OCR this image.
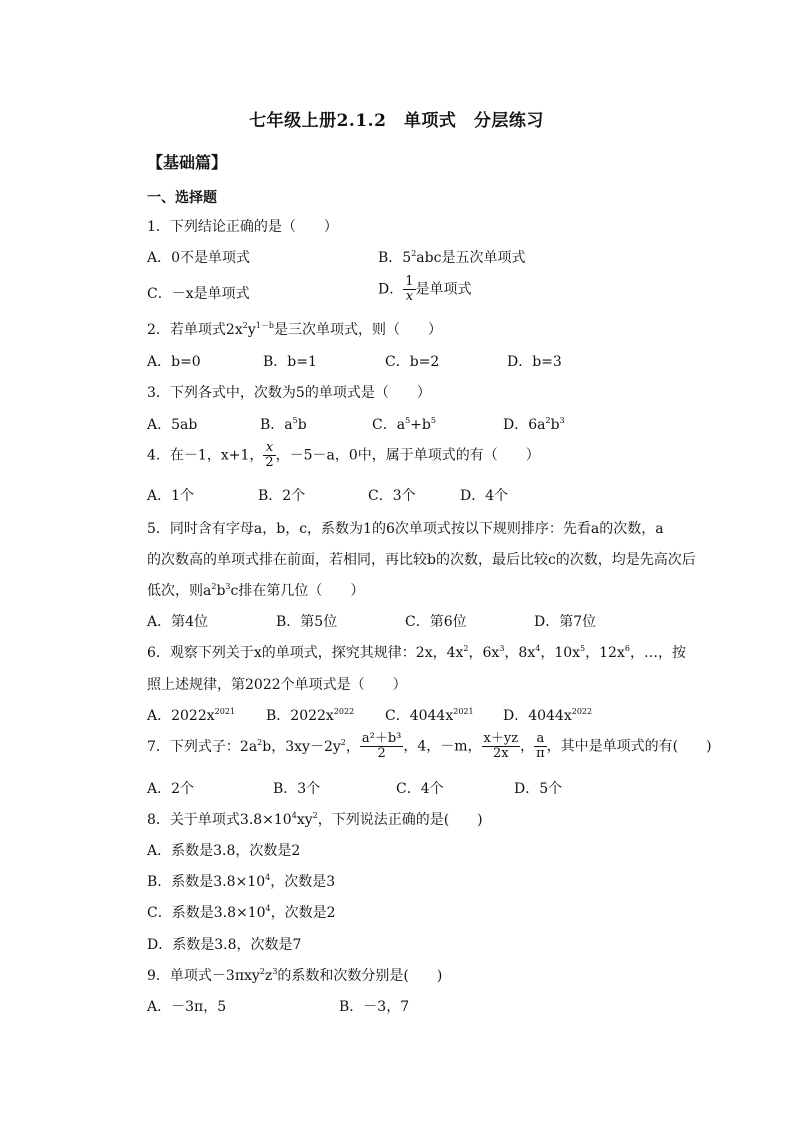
七年级上册2.1.2　单项式　分层练习
【基础篇】
一、选择题
1．下列结论正确的是（　　）
A．0不是单项式	B．$5^2abc$是五次单项式
C．－x是单项式	D． $\frac{1}{x}$ 是单项式
2．若单项式$2x^2y^{1-b}$是三次单项式，则（　　）
A．b=0	B．b=1	C．b=2	D．b=3
3．下列各式中，次数为5的单项式是（　　）
A．5ab	B．$a^5b$	C．$a^5+b^5$	D．$6a^2b^3$
4．在－1，x+1， $\frac{x}{2}$ ，－5－a，0中，属于单项式的有（　　）
A．1个	B．2个	C．3个	D．4个
5．同时含有字母a，b，c，系数为1的6次单项式按以下规则排序：先看a的次数，a
的次数高的单项式排在前面，若相同，再比较b的次数，最后比较c的次数，均是先高次后
低次，则$a^2b^3c$排在第几位（　　）
A．第4位	B．第5位	C．第6位	D．第7位
6．观察下列关于x的单项式，探究其规律：2x，$4x^2$，$6x^3$，$8x^4$，$10x^5$，$12x^6$，…，按
照上述规律，第2022个单项式是（　　）
A．$2022x^{2021}$ B．$2022x^{2022}$ C．$4044x^{2021}$ D．$4044x^{2022}$
7．下列式子：$2a^2b$，$3xy-2y^2$， $\frac{\text{a²＋b³}}{2}$ ，4，－m， $\frac{x+yz}{2x}$ ， $\frac{a}{\pi}$ ，其中是单项式的有(　　)
A．2个	B．3个	C．4个	D．5个
8．关于单项式$3.8\times 10^4xy^2$，下列说法正确的是(　　)
A．系数是3.8，次数是2
B．系数是$3.8\times 10^4$，次数是3
C．系数是$3.8\times 10^4$，次数是2
D．系数是3.8，次数是7
9．单项式$-3\pi xy^2z^3$的系数和次数分别是(　　)
A．－3π，5	B．－3，7
